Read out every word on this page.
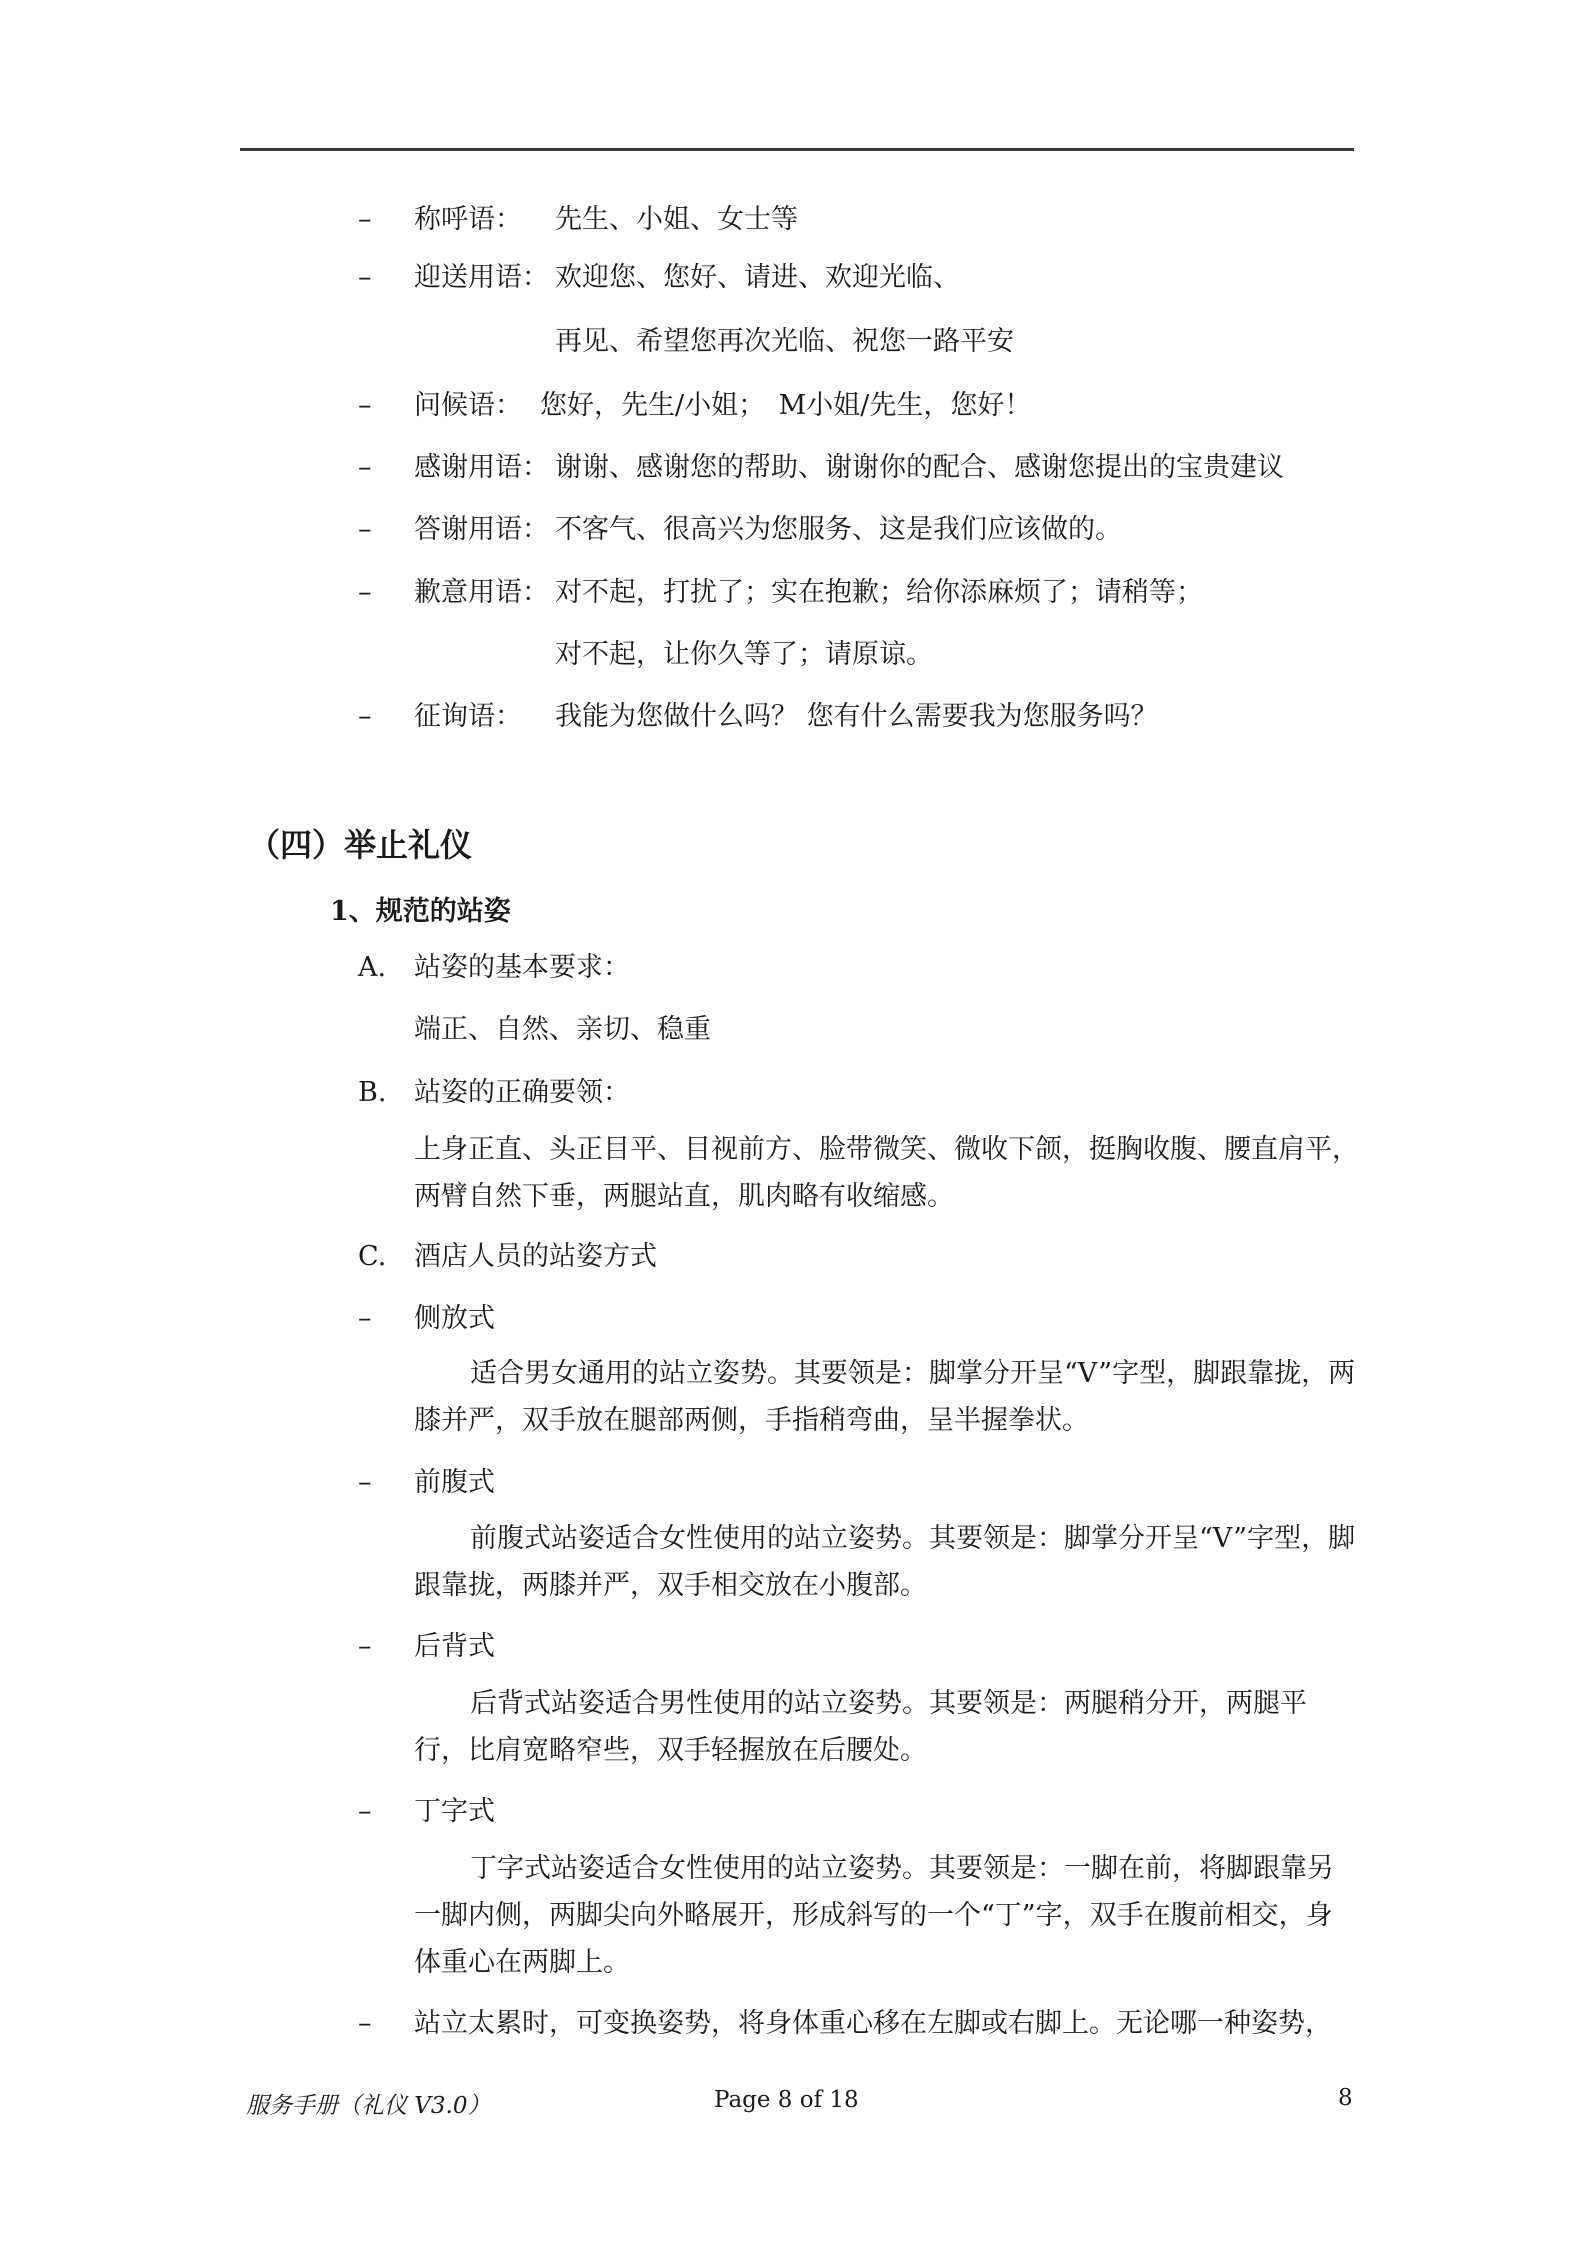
– 称呼语： 先生、小姐、女士等
– 迎送用语： 欢迎您、您好、请进、欢迎光临、
再见、希望您再次光临、祝您一路平安
– 问候语： 您好，先生/小姐；　M小姐/先生，您好！
– 感谢用语： 谢谢、感谢您的帮助、谢谢你的配合、感谢您提出的宝贵建议
– 答谢用语： 不客气、很高兴为您服务、这是我们应该做的。
– 歉意用语： 对不起，打扰了；实在抱歉；给你添麻烦了；请稍等；
对不起，让你久等了；请原谅。
– 征询语： 我能为您做什么吗？ 您有什么需要我为您服务吗？
（四）举止礼仪
1、规范的站姿
A. 站姿的基本要求：
端正、自然、亲切、稳重
B. 站姿的正确要领：
上身正直、头正目平、目视前方、脸带微笑、微收下颌，挺胸收腹、腰直肩平，两臂自然下垂，两腿站直，肌肉略有收缩感。
C. 酒店人员的站姿方式
– 侧放式
适合男女通用的站立姿势。其要领是：脚掌分开呈“V”字型，脚跟靠拢，两膝并严，双手放在腿部两侧，手指稍弯曲，呈半握拳状。
– 前腹式
前腹式站姿适合女性使用的站立姿势。其要领是：脚掌分开呈“V”字型，脚跟靠拢，两膝并严，双手相交放在小腹部。
– 后背式
后背式站姿适合男性使用的站立姿势。其要领是：两腿稍分开，两腿平行，比肩宽略窄些，双手轻握放在后腰处。
– 丁字式
丁字式站姿适合女性使用的站立姿势。其要领是：一脚在前，将脚跟靠另一脚内侧，两脚尖向外略展开，形成斜写的一个“丁”字，双手在腹前相交，身体重心在两脚上。
– 站立太累时，可变换姿势，将身体重心移在左脚或右脚上。无论哪一种姿势，
服务手册（礼仪 V3.0）	Page 8 of 18	8
